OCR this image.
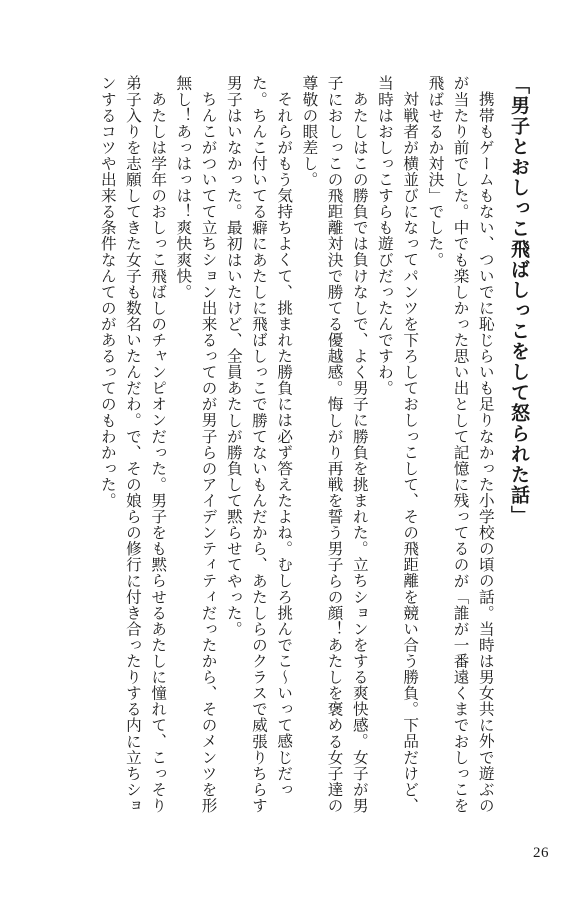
「男子とおしっこ飛ばしっこをして怒られた話」

携帯もゲームもない、ついでに恥じらいも足りなかった小学校の頃の話。当時は男女共に外で遊ぶのが当たり前でした。中でも楽しかった思い出として記憶に残ってるのが「誰が一番遠くまでおしっこを飛ばせるか対決」でした。

対戦者が横並びになってパンツを下ろしておしっこして、その飛距離を競い合う勝負。下品だけど、当時はおしっこすらも遊びだったんですわ。

あたしはこの勝負では負けなしで、よく男子に勝負を挑まれた。立ちションをする爽快感。女子が男子におしっこの飛距離対決で勝てる優越感。悔しがり再戦を誓う男子らの顔！あたしを褒める女子達の尊敬の眼差し。

それらがもう気持ちよくて、挑まれた勝負には必ず答えたよね。むしろ挑んでこ〜いって感じだった。ちんこ付いてる癖にあたしに飛ばしっこで勝てないもんだから、あたしらのクラスで威張りちらす男子はいなかった。最初はいたけど、全員あたしが勝負して黙らせてやった。

ちんこがついてて立ちション出来るってのが男子らのアイデンティティだったから、そのメンツを形無し！あっはっは！爽快爽快。

あたしは学年のおしっこ飛ばしのチャンピオンだった。男子をも黙らせるあたしに憧れて、こっそり弟子入りを志願してきた女子も数名いたんだわ。で、その娘らの修行に付き合ったりする内に立ちションするコツや出来る条件なんてのがあるってのもわかった。

26
